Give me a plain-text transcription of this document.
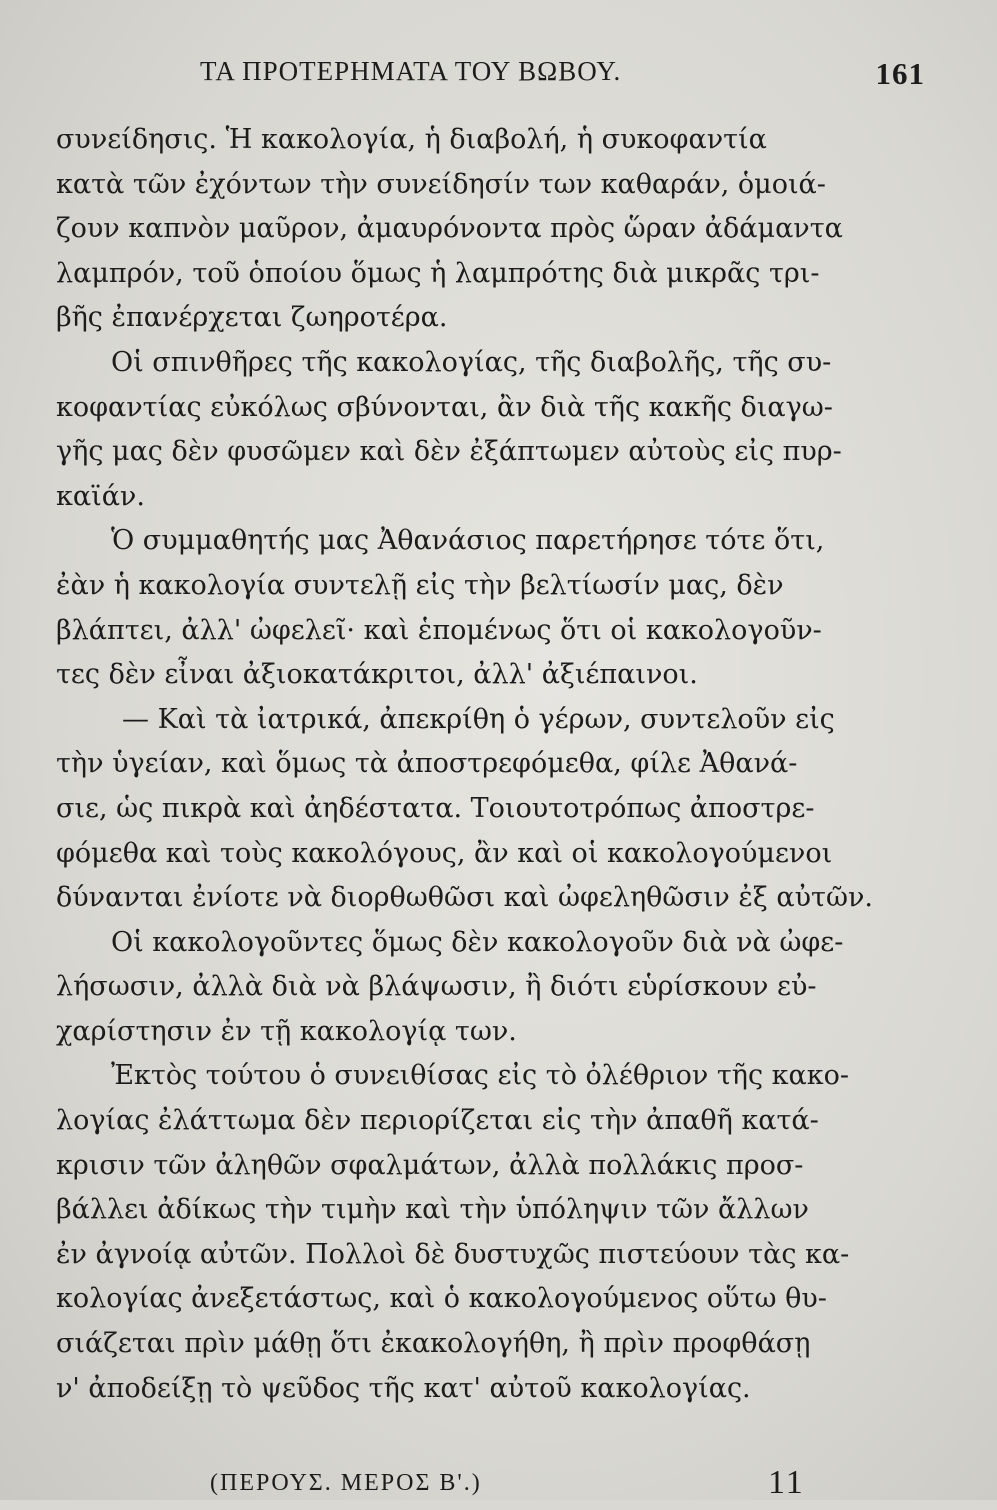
ΤΑ ΠΡΟΤΕΡΗΜΑΤΑ ΤΟΥ ΒΩΒΟΥ.	161
συνείδησις. Ἡ κακολογία, ἡ διαβολή, ἡ συκοφαντία
κατὰ τῶν ἐχόντων τὴν συνείδησίν των καθαράν, ὁμοιά-
ζουν καπνὸν μαῦρον, ἀμαυρόνοντα πρὸς ὥραν ἀδάμαντα
λαμπρόν, τοῦ ὁποίου ὅμως ἡ λαμπρότης διὰ μικρᾶς τρι-
βῆς ἐπανέρχεται ζωηροτέρα.
Οἱ σπινθῆρες τῆς κακολογίας, τῆς διαβολῆς, τῆς συ-
κοφαντίας εὐκόλως σβύνονται, ἂν διὰ τῆς κακῆς διαγω-
γῆς μας δὲν φυσῶμεν καὶ δὲν ἐξάπτωμεν αὐτοὺς εἰς πυρ-
καϊάν.
Ὁ συμμαθητής μας Ἀθανάσιος παρετήρησε τότε ὅτι,
ἐὰν ἡ κακολογία συντελῇ εἰς τὴν βελτίωσίν μας, δὲν
βλάπτει, ἀλλ' ὠφελεῖ· καὶ ἑπομένως ὅτι οἱ κακολογοῦν-
τες δὲν εἶναι ἀξιοκατάκριτοι, ἀλλ' ἀξιέπαινοι.
— Καὶ τὰ ἰατρικά, ἀπεκρίθη ὁ γέρων, συντελοῦν εἰς
τὴν ὑγείαν, καὶ ὅμως τὰ ἀποστρεφόμεθα, φίλε Ἀθανά-
σιε, ὡς πικρὰ καὶ ἀηδέστατα. Τοιουτοτρόπως ἀποστρε-
φόμεθα καὶ τοὺς κακολόγους, ἂν καὶ οἱ κακολογούμενοι
δύνανται ἐνίοτε νὰ διορθωθῶσι καὶ ὠφεληθῶσιν ἐξ αὐτῶν.
Οἱ κακολογοῦντες ὅμως δὲν κακολογοῦν διὰ νὰ ὠφε-
λήσωσιν, ἀλλὰ διὰ νὰ βλάψωσιν, ἢ διότι εὑρίσκουν εὐ-
χαρίστησιν ἐν τῇ κακολογίᾳ των.
Ἐκτὸς τούτου ὁ συνειθίσας εἰς τὸ ὀλέθριον τῆς κακο-
λογίας ἐλάττωμα δὲν περιορίζεται εἰς τὴν ἀπαθῆ κατά-
κρισιν τῶν ἀληθῶν σφαλμάτων, ἀλλὰ πολλάκις προσ-
βάλλει ἀδίκως τὴν τιμὴν καὶ τὴν ὑπόληψιν τῶν ἄλλων
ἐν ἀγνοίᾳ αὐτῶν. Πολλοὶ δὲ δυστυχῶς πιστεύουν τὰς κα-
κολογίας ἀνεξετάστως, καὶ ὁ κακολογούμενος οὕτω θυ-
σιάζεται πρὶν μάθῃ ὅτι ἐκακολογήθη, ἢ πρὶν προφθάσῃ
ν' ἀποδείξῃ τὸ ψεῦδος τῆς κατ' αὐτοῦ κακολογίας.
(ΠΕΡΟΥΣ. ΜΕΡΟΣ Β'.)	11
